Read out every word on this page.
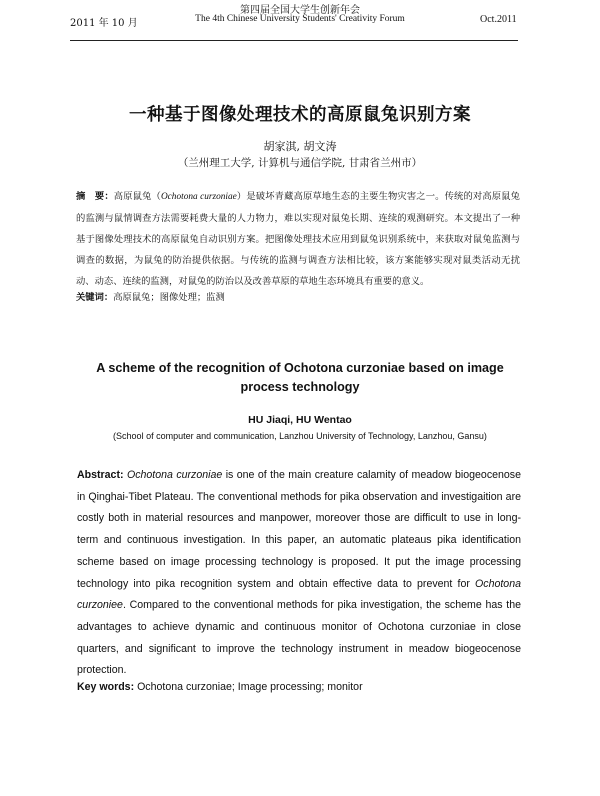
第四届全国大学生创新年会
2011 年 10 月	The 4th Chinese University Students' Creativity Forum	Oct.2011
一种基于图像处理技术的高原鼠兔识别方案
胡家淇, 胡文涛
（兰州理工大学, 计算机与通信学院, 甘肃省兰州市）
摘　要：高原鼠兔（Ochotona curzoniae）是破坏青藏高原草地生态的主要生物灾害之一。传统的对高原鼠兔的监测与鼠情调查方法需要耗费大量的人力物力，难以实现对鼠兔长期、连续的观测研究。本文提出了一种基于图像处理技术的高原鼠兔自动识别方案。把图像处理技术应用到鼠兔识别系统中，来获取对鼠兔监测与调查的数据，为鼠兔的防治提供依据。与传统的监测与调查方法相比较，该方案能够实现对鼠类活动无扰动、动态、连续的监测，对鼠兔的防治以及改善草原的草地生态环境具有重要的意义。
关键词：高原鼠兔；图像处理；监测
A scheme of the recognition of Ochotona curzoniae based on image
process technology
HU Jiaqi, HU Wentao
(School of computer and communication, Lanzhou University of Technology, Lanzhou, Gansu)
Abstract: Ochotona curzoniae is one of the main creature calamity of meadow biogeocenose in Qinghai-Tibet Plateau. The conventional methods for pika observation and investigaition are costly both in material resources and manpower, moreover those are difficult to use in long-term and continuous investigation. In this paper, an automatic plateaus pika identification scheme based on image processing technology is proposed. It put the image processing technology into pika recognition system and obtain effective data to prevent for Ochotona curzoniee. Compared to the conventional methods for pika investigation, the scheme has the advantages to achieve dynamic and continuous monitor of Ochotona curzoniae in close quarters, and significant to improve the technology instrument in meadow biogeocenose protection.
Key words: Ochotona curzoniae; Image processing; monitor
